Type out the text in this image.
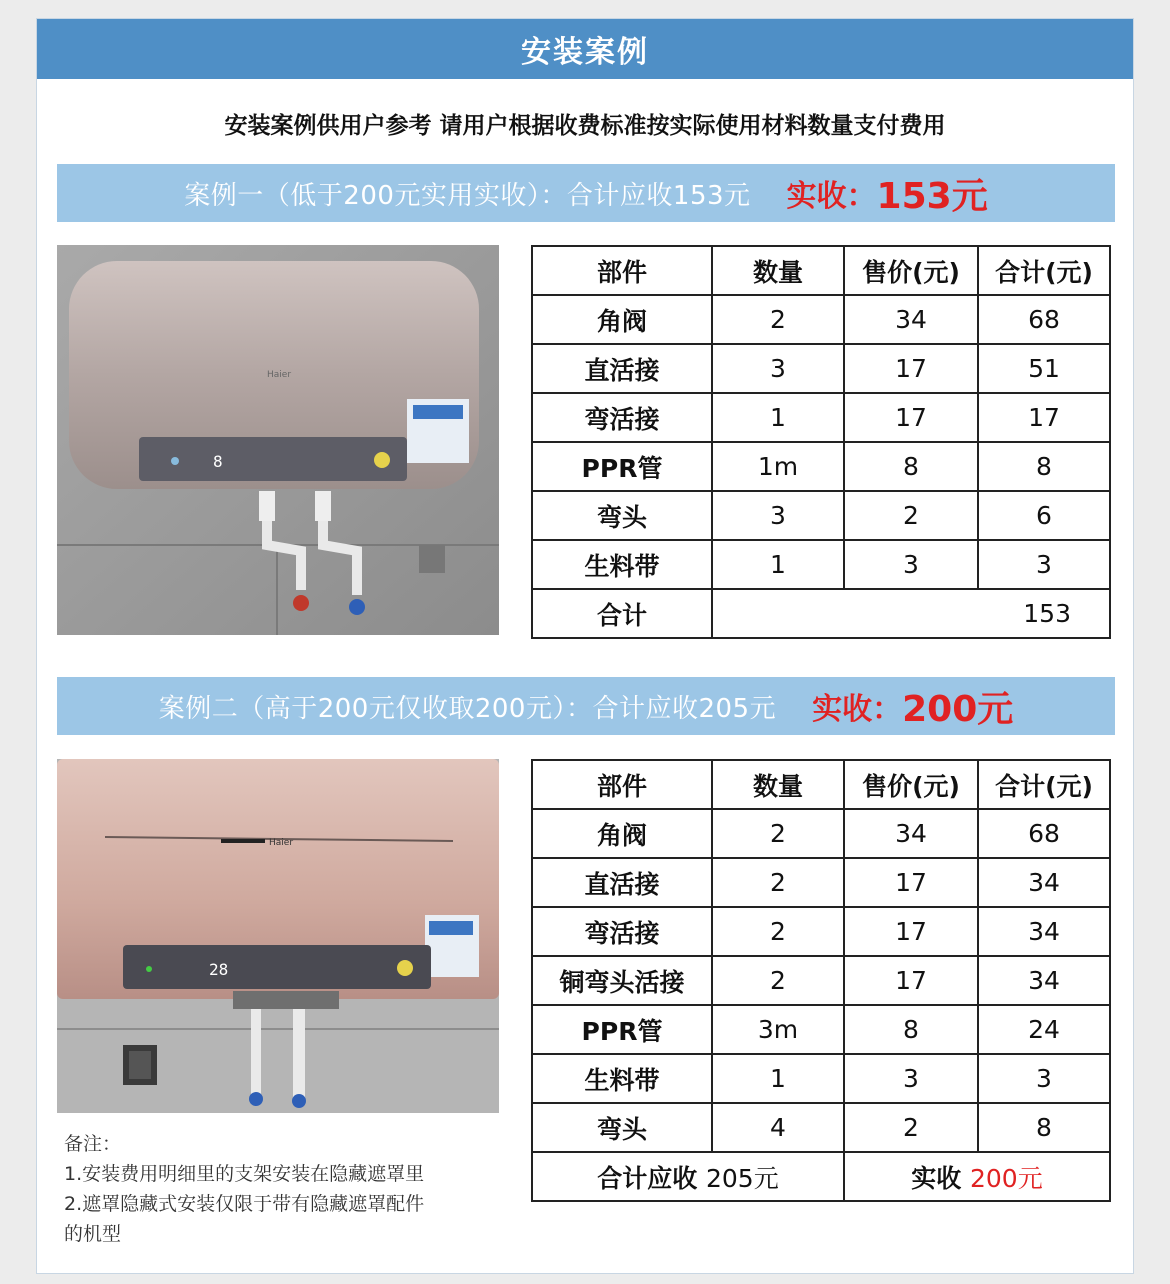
安装案例
安装案例供用户参考 请用户根据收费标准按实际使用材料数量支付费用
案例一（低于200元实用实收）：合计应收153元 实收： 153元
Haier
8
部件	数量	售价(元)	合计(元)
角阀	2	34	68
直活接	3	17	51
弯活接	1	17	17
PPR管	1m	8	8
弯头	3	2	6
生料带	1	3	3
合计	153		
案例二（高于200元仅收取200元）：合计应收205元 实收： 200元
Haier
28
部件	数量	售价(元)	合计(元)
角阀	2	34	68
直活接	2	17	34
弯活接	2	17	34
铜弯头活接	2	17	34
PPR管	3m	8	24
生料带	1	3	3
弯头	4	2	8
合计应收 205元		实收 200元	
备注：
1.安装费用明细里的支架安装在隐藏遮罩里
2.遮罩隐藏式安装仅限于带有隐藏遮罩配件
的机型
